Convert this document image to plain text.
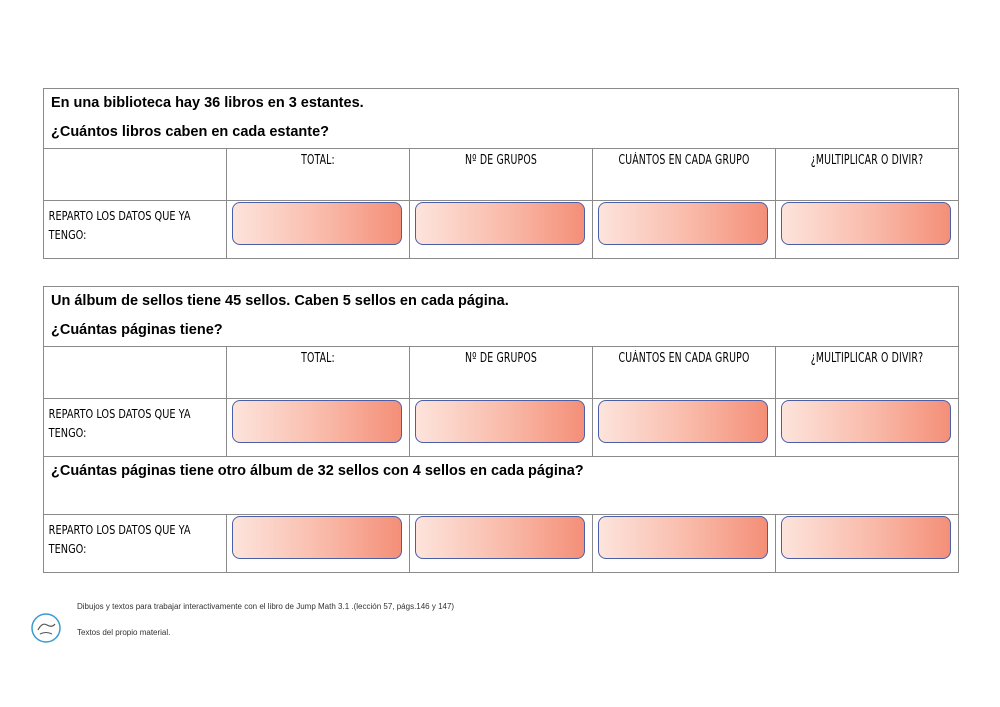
En una biblioteca hay 36 libros en 3 estantes.
¿Cuántos libros caben en cada estante?				

	TOTAL:	Nº DE GRUPOS	CUÁNTOS EN CADA GRUPO	¿MULTIPLICAR O DIVIR?

REPARTO LOS DATOS QUE YA TENGO:				

Un álbum de sellos tiene 45 sellos. Caben 5 sellos en cada página.
¿Cuántas páginas tiene?				

	TOTAL:	Nº DE GRUPOS	CUÁNTOS EN CADA GRUPO	¿MULTIPLICAR O DIVIR?

REPARTO LOS DATOS QUE YA TENGO:				

¿Cuántas páginas tiene otro álbum de 32 sellos con 4 sellos en cada página?				

REPARTO LOS DATOS QUE YA TENGO:				

Dibujos y textos para trabajar interactivamente con el libro de Jump Math 3.1 .(lección 57, págs.146 y 147)
Textos del propio material.
